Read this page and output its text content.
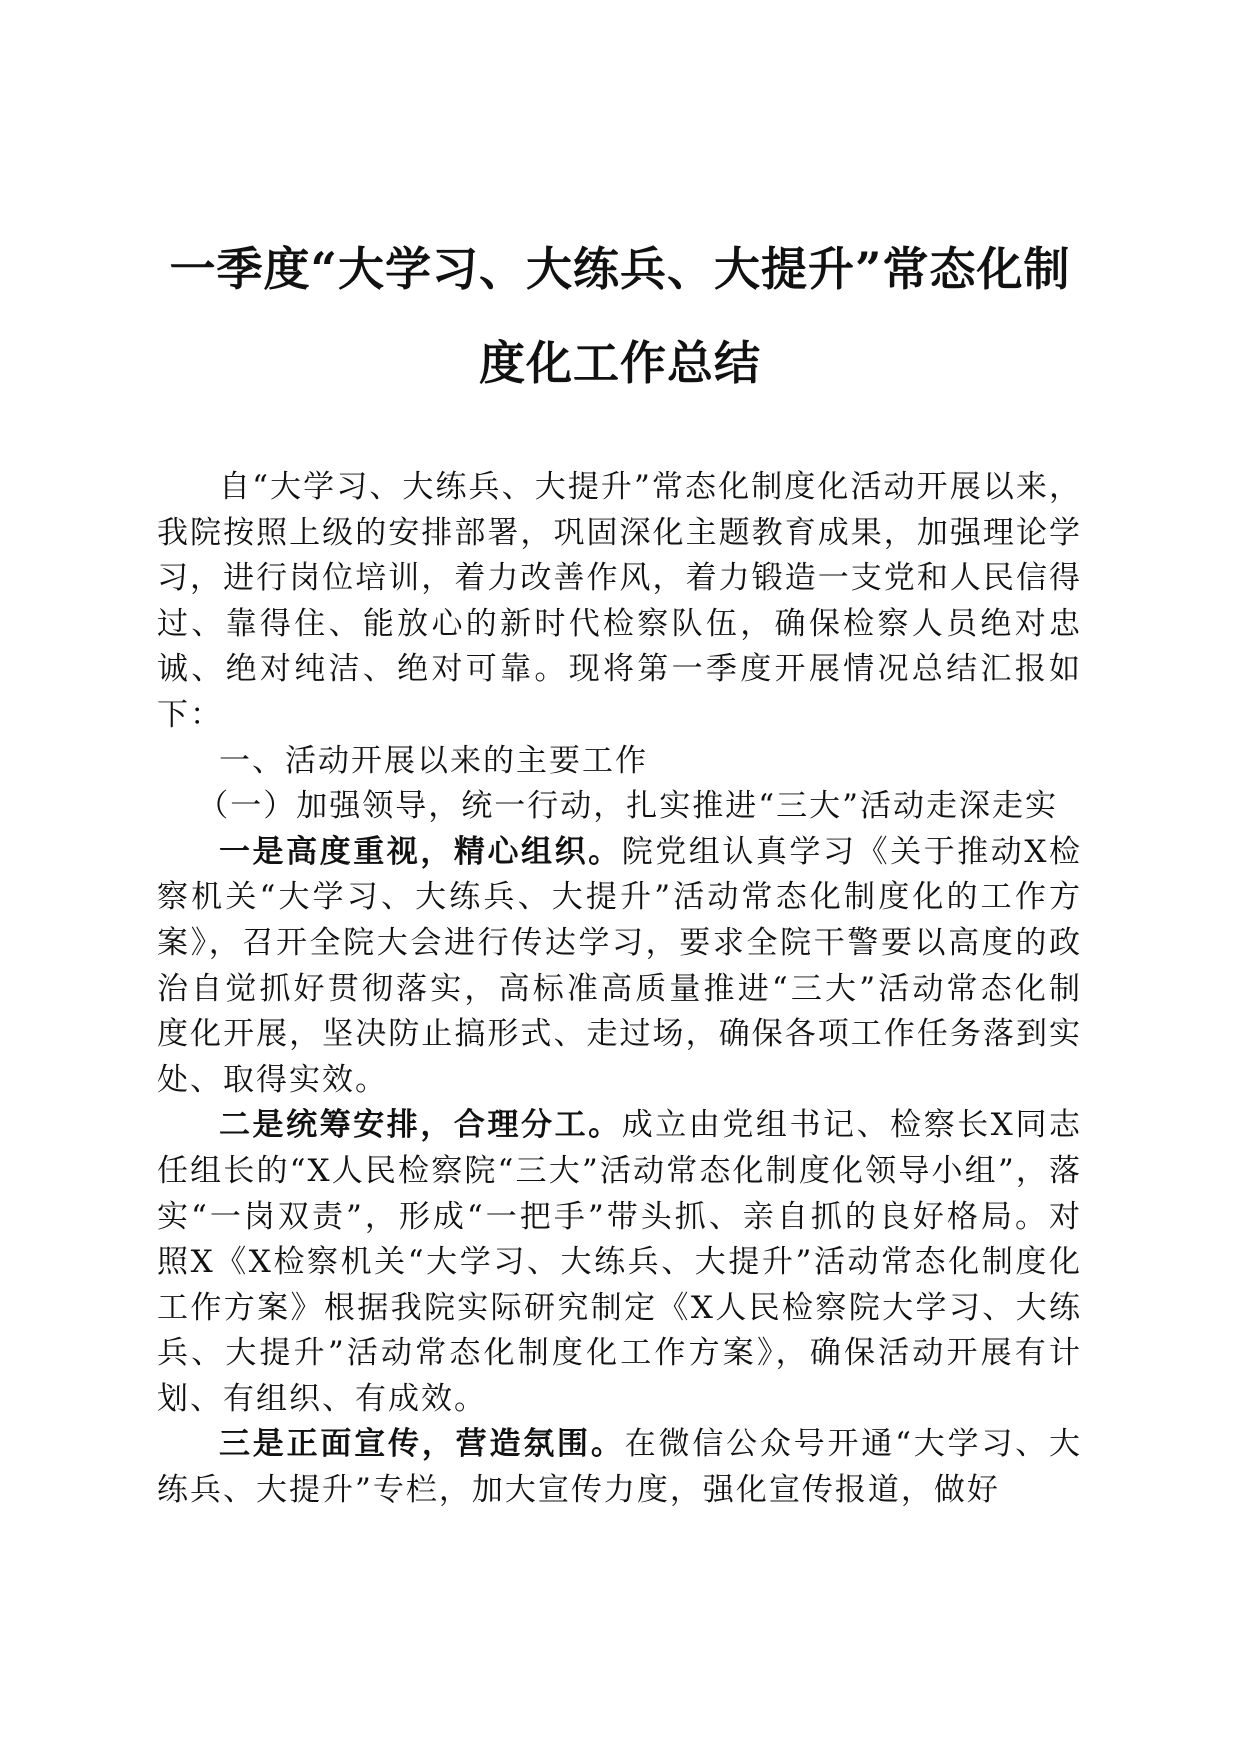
一季度“大学习、大练兵、大提升”常态化制度化工作总结

自“大学习、大练兵、大提升”常态化制度化活动开展以来，我院按照上级的安排部署，巩固深化主题教育成果，加强理论学习，进行岗位培训，着力改善作风，着力锻造一支党和人民信得过、靠得住、能放心的新时代检察队伍，确保检察人员绝对忠诚、绝对纯洁、绝对可靠。现将第一季度开展情况总结汇报如下：

一、活动开展以来的主要工作
（一）加强领导，统一行动，扎实推进“三大”活动走深走实

一是高度重视，精心组织。院党组认真学习《关于推动X检察机关“大学习、大练兵、大提升”活动常态化制度化的工作方案》，召开全院大会进行传达学习，要求全院干警要以高度的政治自觉抓好贯彻落实，高标准高质量推进“三大”活动常态化制度化开展，坚决防止搞形式、走过场，确保各项工作任务落到实处、取得实效。

二是统筹安排，合理分工。成立由党组书记、检察长X同志任组长的“X人民检察院“三大”活动常态化制度化领导小组”，落实“一岗双责”，形成“一把手”带头抓、亲自抓的良好格局。对照X《X检察机关“大学习、大练兵、大提升”活动常态化制度化工作方案》根据我院实际研究制定《X人民检察院大学习、大练兵、大提升”活动常态化制度化工作方案》，确保活动开展有计划、有组织、有成效。

三是正面宣传，营造氛围。在微信公众号开通“大学习、大练兵、大提升”专栏，加大宣传力度，强化宣传报道，做好
